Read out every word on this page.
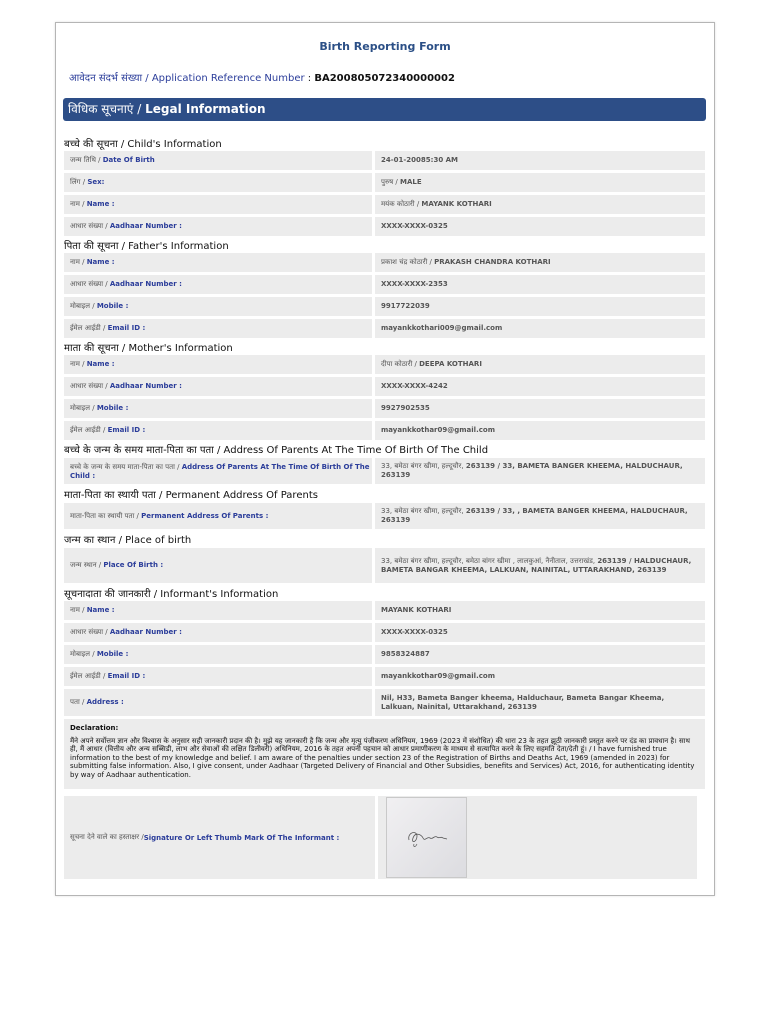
Birth Reporting Form
आवेदन संदर्भ संख्या / Application Reference Number : BA200805072340000002
विधिक सूचनाएं / Legal Information
बच्चे की सूचना / Child's Information
पिता की सूचना / Father's Information
माता की सूचना / Mother's Information
बच्चे के जन्म के समय माता-पिता का पता / Address Of Parents At The Time Of Birth Of The Child
माता-पिता का स्थायी पता / Permanent Address Of Parents
जन्म का स्थान / Place of birth
सूचनादाता की जानकारी / Informant's Information
जन्म तिथि / Date Of Birth	24-01-20085:30 AM
लिंग / Sex:	पुरुष / MALE
नाम / Name :	मयंक कोठारी / MAYANK KOTHARI
आधार संख्या / Aadhaar Number :	XXXX-XXXX-0325
नाम / Name :	प्रकाश चंद्र कोठारी / PRAKASH CHANDRA KOTHARI
आधार संख्या / Aadhaar Number :	XXXX-XXXX-2353
मोबाइल / Mobile :	9917722039
ईमेल आईडी / Email ID :	mayankkothari009@gmail.com
नाम / Name :	दीपा कोठारी / DEEPA KOTHARI
आधार संख्या / Aadhaar Number :	XXXX-XXXX-4242
मोबाइल / Mobile :	9927902535
ईमेल आईडी / Email ID :	mayankkothar09@gmail.com
बच्चे के जन्म के समय माता-पिता का पता / Address Of Parents At The Time Of Birth Of The Child :
33, बमेठा बंगर खीमा, हल्दूचौर, 263139 / 33, BAMETA BANGER KHEEMA, HALDUCHAUR, 263139
माता-पिता का स्थायी पता / Permanent Address Of Parents :
33, बमेठा बंगर खीमा, हल्दूचौर, 263139 / 33, , BAMETA BANGER KHEEMA, HALDUCHAUR, 263139
जन्म स्थान / Place Of Birth :
33, बमेठा बंगर खीमा, हल्दूचौर, बमेठा बांगर खीमा , लालकुआं, नैनीताल, उत्तराखंड, 263139 / HALDUCHAUR, BAMETA BANGAR KHEEMA, LALKUAN, NAINITAL, UTTARAKHAND, 263139
नाम / Name :	MAYANK KOTHARI
आधार संख्या / Aadhaar Number :	XXXX-XXXX-0325
मोबाइल / Mobile :	9858324887
ईमेल आईडी / Email ID :	mayankkothar09@gmail.com
पता / Address :
Nil, H33, Bameta Banger kheema, Halduchaur, Bameta Bangar Kheema, Lalkuan, Nainital, Uttarakhand, 263139
Declaration:
मैंने अपने सर्वोत्तम ज्ञान और विश्वास के अनुसार सही जानकारी प्रदान की है। मुझे यह जानकारी है कि जन्म और मृत्यु पंजीकरण अधिनियम, 1969 (2023 में संशोधित) की धारा 23 के तहत झूठी जानकारी प्रस्तुत करने पर दंड का प्रावधान है। साथ ही, मैं आधार (वित्तीय और अन्य सब्सिडी, लाभ और सेवाओं की लक्षित डिलीवरी) अधिनियम, 2016 के तहत अपनी पहचान को आधार प्रमाणीकरण के माध्यम से सत्यापित करने के लिए सहमति देता/देती हूं। / I have furnished true information to the best of my knowledge and belief. I am aware of the penalties under section 23 of the Registration of Births and Deaths Act, 1969 (amended in 2023) for submitting false information. Also, I give consent, under Aadhaar (Targeted Delivery of Financial and Other Subsidies, benefits and Services) Act, 2016, for authenticating identity by way of Aadhaar authentication.
सूचना देने वाले का हस्ताक्षर / Signature Or Left Thumb Mark Of The Informant :
